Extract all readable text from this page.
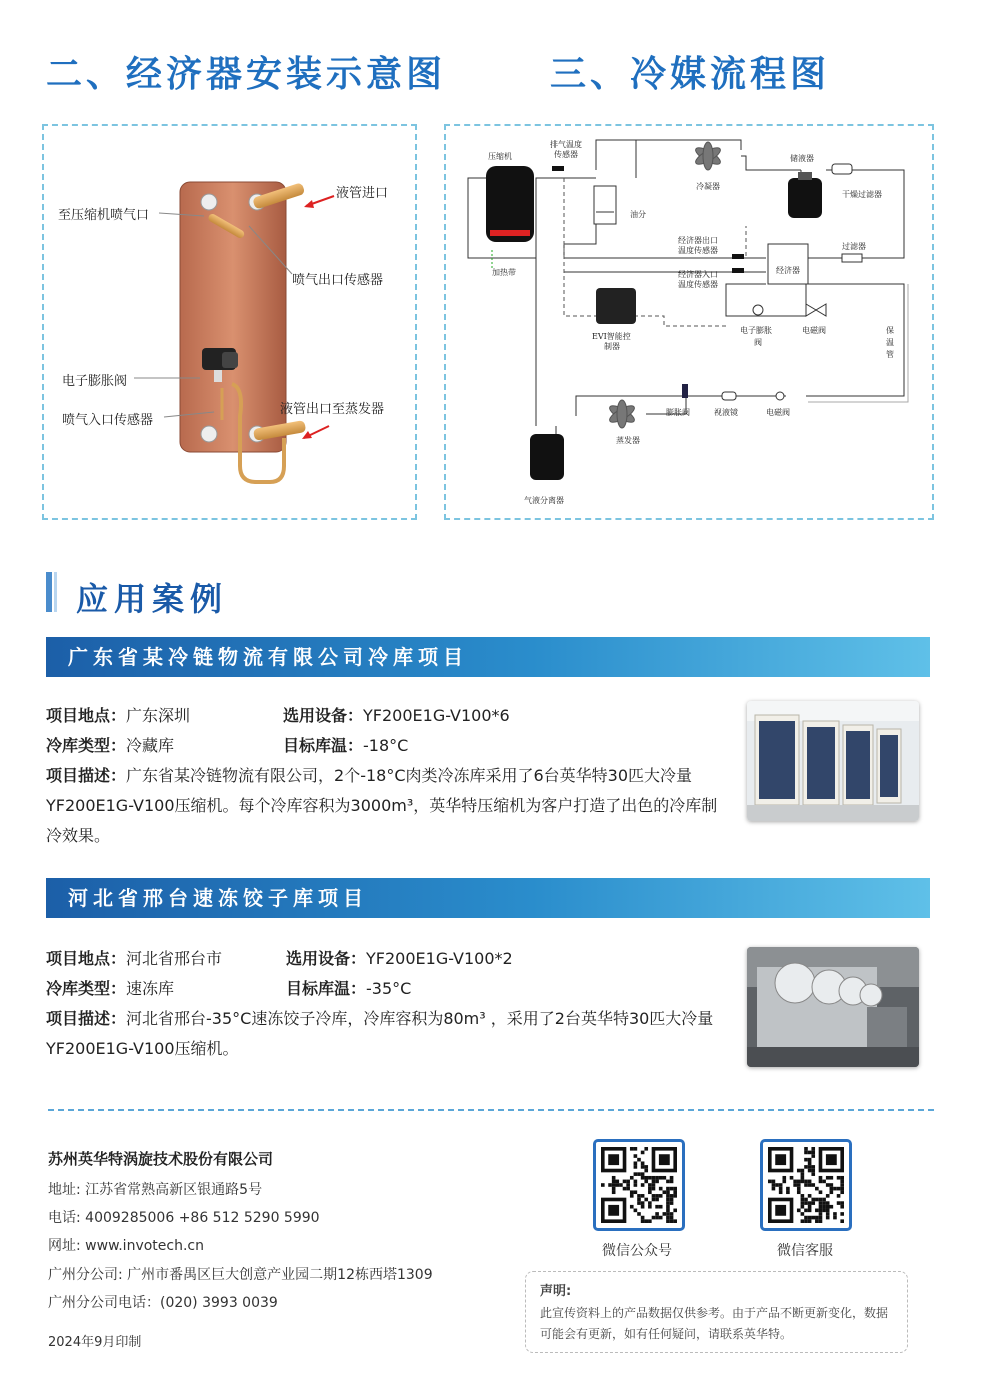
二、经济器安装示意图	三、冷媒流程图
至压缩机喷气口
液管进口
喷气出口传感器
电子膨胀阀
喷气入口传感器
液管出口至蒸发器
压缩机
排气温度
传感器
冷凝器
储液器
干燥过滤器
油分
加热带
经济器出口
温度传感器	过滤器
经济器
经济器入口
温度传感器
EVI智能控
制器
电子膨胀
阀
电磁阀	保
温
管
膨胀阀	视液镜	电磁阀
蒸发器
气液分离器
应用案例
广东省某冷链物流有限公司冷库项目
项目地点：广东深圳	选用设备：YF200E1G-V100*6
冷库类型：冷藏库	目标库温：-18°C
项目描述：广东省某冷链物流有限公司，2个-18°C肉类冷冻库采用了6台英华特30匹大冷量YF200E1G-V100压缩机。每个冷库容积为3000m³，英华特压缩机为客户打造了出色的冷库制冷效果。
河北省邢台速冻饺子库项目
项目地点：河北省邢台市	选用设备：YF200E1G-V100*2
冷库类型：速冻库	目标库温：-35°C
项目描述：河北省邢台-35°C速冻饺子冷库，冷库容积为80m³ ，采用了2台英华特30匹大冷量YF200E1G-V100压缩机。
苏州英华特涡旋技术股份有限公司
地址: 江苏省常熟高新区银通路5号
电话: 4009285006 +86 512 5290 5990
网址: www.invotech.cn
广州分公司: 广州市番禺区巨大创意产业园二期12栋西塔1309
广州分公司电话：(020) 3993 0039
2024年9月印制
微信公众号	微信客服
声明:
此宣传资料上的产品数据仅供参考。由于产品不断更新变化，数据可能会有更新，如有任何疑问，请联系英华特。
